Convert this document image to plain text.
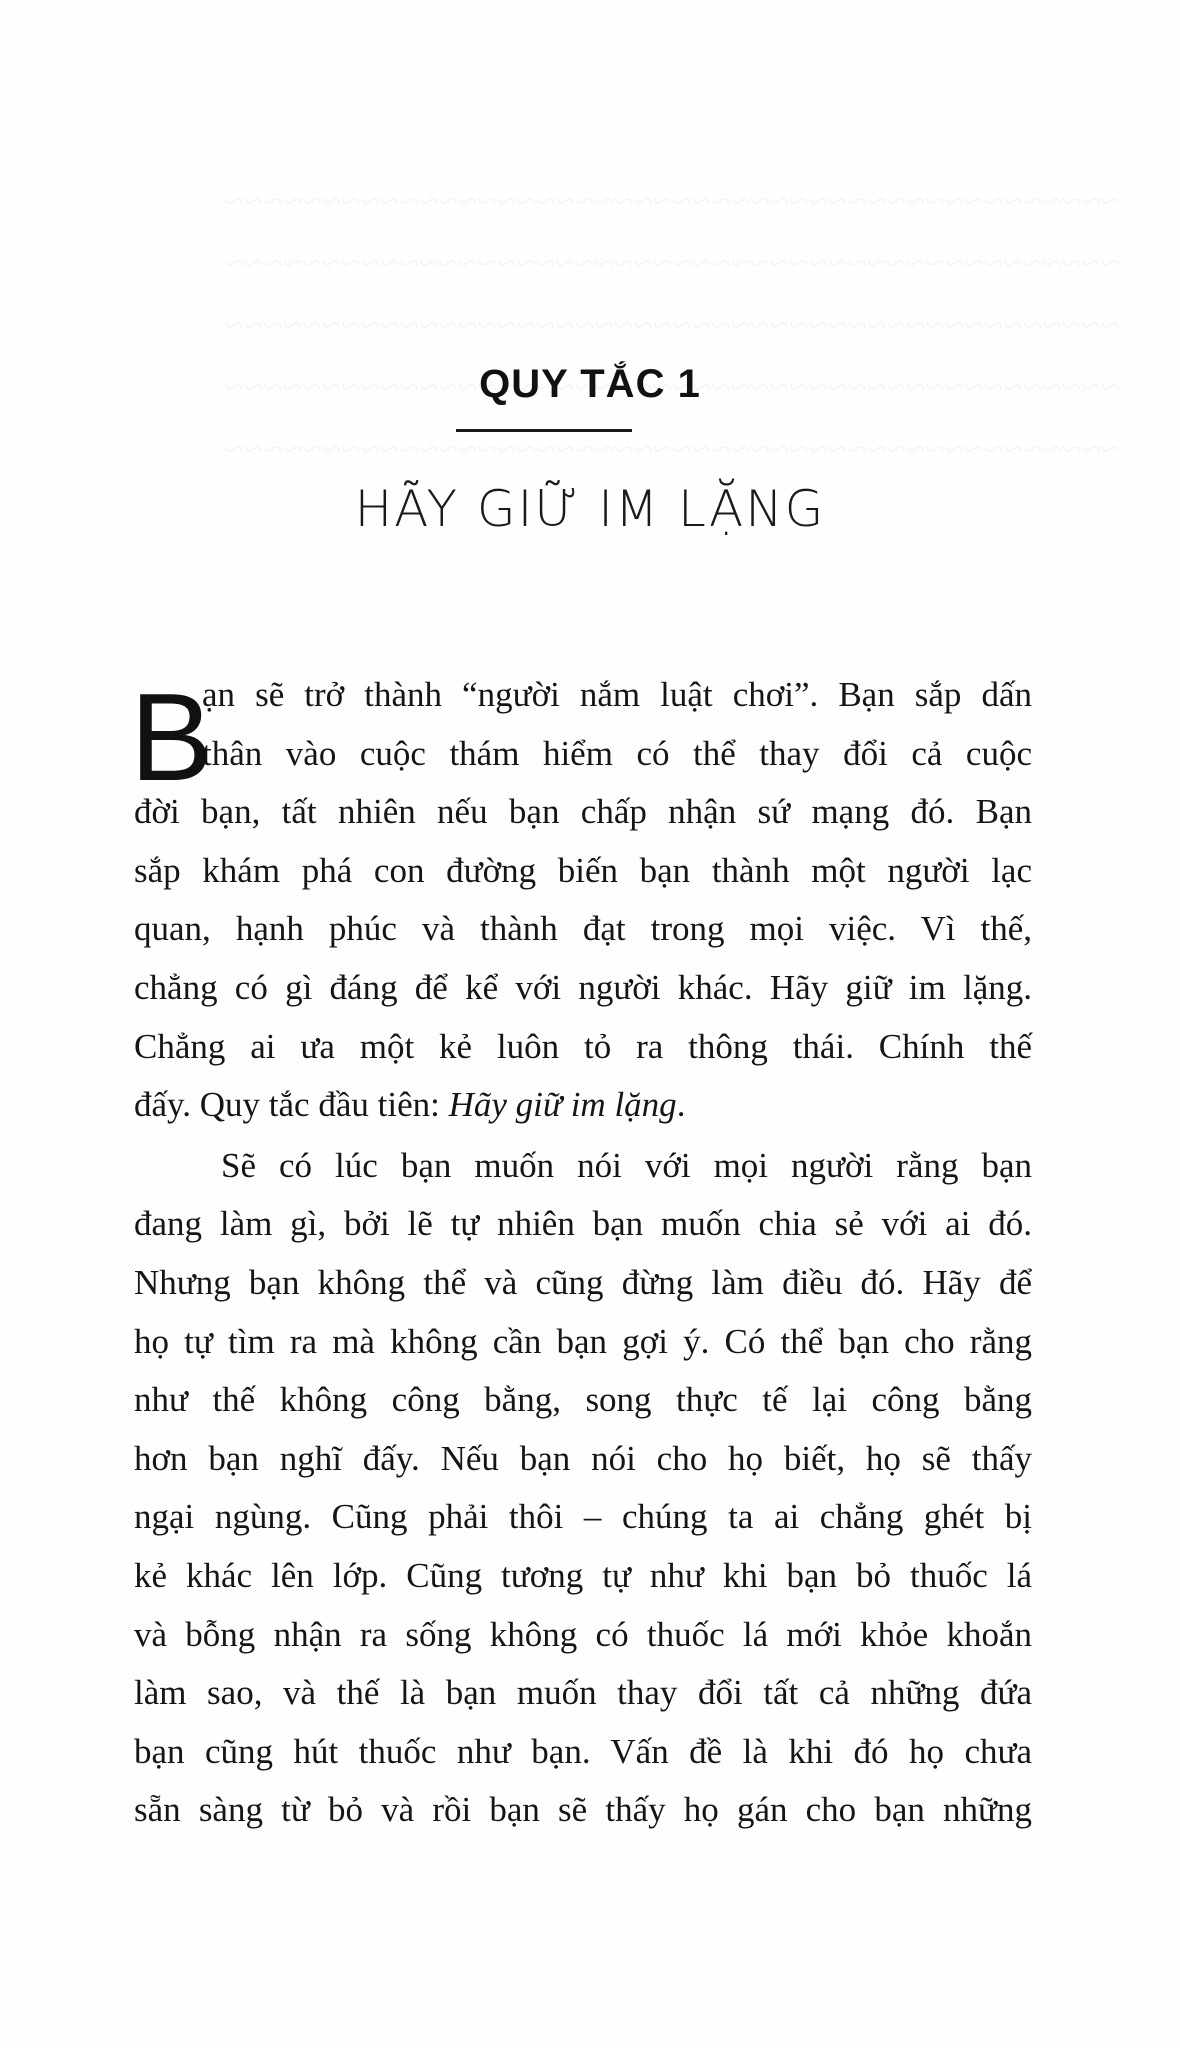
QUY TẮC 1
HÃY GIỮ IM LẶNG
B
ạn sẽ trở thành “người nắm luật chơi”. Bạn sắp dấn
thân vào cuộc thám hiểm có thể thay đổi cả cuộc
đời bạn, tất nhiên nếu bạn chấp nhận sứ mạng đó. Bạn
sắp khám phá con đường biến bạn thành một người lạc
quan, hạnh phúc và thành đạt trong mọi việc. Vì thế,
chẳng có gì đáng để kể với người khác. Hãy giữ im lặng.
Chẳng ai ưa một kẻ luôn tỏ ra thông thái. Chính thế
đấy. Quy tắc đầu tiên: Hãy giữ im lặng.
Sẽ có lúc bạn muốn nói với mọi người rằng bạn
đang làm gì, bởi lẽ tự nhiên bạn muốn chia sẻ với ai đó.
Nhưng bạn không thể và cũng đừng làm điều đó. Hãy để
họ tự tìm ra mà không cần bạn gợi ý. Có thể bạn cho rằng
như thế không công bằng, song thực tế lại công bằng
hơn bạn nghĩ đấy. Nếu bạn nói cho họ biết, họ sẽ thấy
ngại ngùng. Cũng phải thôi – chúng ta ai chẳng ghét bị
kẻ khác lên lớp. Cũng tương tự như khi bạn bỏ thuốc lá
và bỗng nhận ra sống không có thuốc lá mới khỏe khoắn
làm sao, và thế là bạn muốn thay đổi tất cả những đứa
bạn cũng hút thuốc như bạn. Vấn đề là khi đó họ chưa
sẵn sàng từ bỏ và rồi bạn sẽ thấy họ gán cho bạn những
